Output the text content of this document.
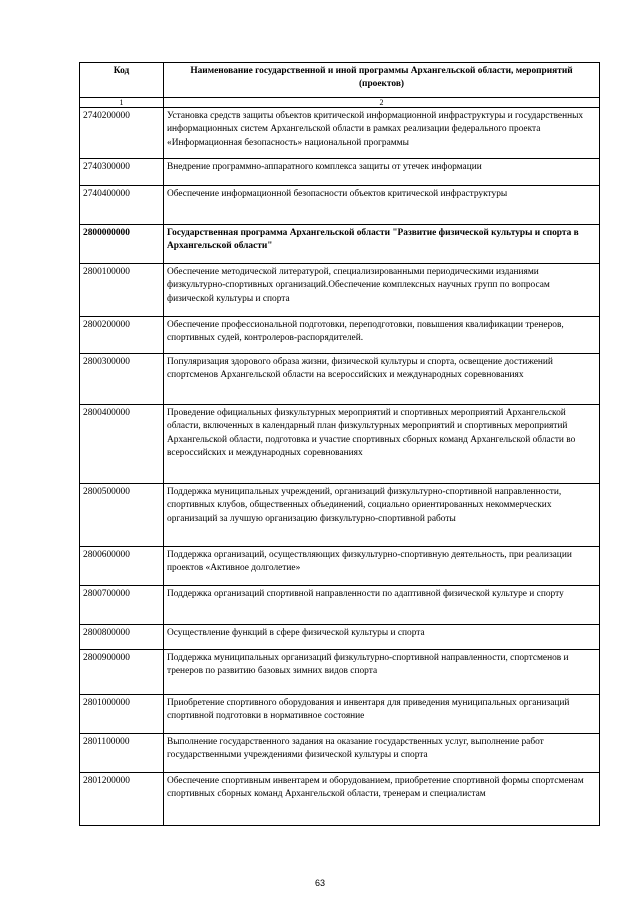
Код	Наименование государственной и иной программы Архангельской области, мероприятий (проектов)
1	2
2740200000	Установка средств защиты объектов критической информационной инфраструктуры и государственных информационных систем Архангельской области в рамках реализации федерального проекта «Информационная безопасность» национальной программы
2740300000	Внедрение программно-аппаратного комплекса защиты от утечек информации
2740400000	Обеспечение информационной безопасности объектов критической инфраструктуры
2800000000	Государственная программа Архангельской области "Развитие физической культуры и спорта в Архангельской области"
2800100000	Обеспечение методической литературой, специализированными периодическими изданиями физкультурно-спортивных организаций.Обеспечение комплексных научных групп по вопросам физической культуры и спорта
2800200000	Обеспечение профессиональной подготовки, переподготовки, повышения квалификации тренеров, спортивных судей, контролеров-распорядителей.
2800300000	Популяризация здорового образа жизни, физической культуры и спорта, освещение достижений спортсменов Архангельской области на всероссийских и международных соревнованиях
2800400000	Проведение официальных физкультурных мероприятий и спортивных мероприятий Архангельской области, включенных в календарный план физкультурных мероприятий и спортивных мероприятий Архангельской области, подготовка и участие спортивных сборных команд Архангельской области во всероссийских и международных соревнованиях
2800500000	Поддержка муниципальных учреждений, организаций физкультурно-спортивной направленности, спортивных клубов, общественных объединений, социально ориентированных некоммерческих организаций за лучшую организацию физкультурно-спортивной работы
2800600000	Поддержка организаций, осуществляющих физкультурно-спортивную деятельность, при реализации проектов «Активное долголетие»
2800700000	Поддержка организаций спортивной направленности по адаптивной физической культуре и спорту
2800800000	Осуществление функций в сфере физической культуры и спорта
2800900000	Поддержка муниципальных организаций физкультурно-спортивной направленности, спортсменов и тренеров по развитию базовых зимних видов спорта
2801000000	Приобретение спортивного оборудования и инвентаря для приведения муниципальных организаций спортивной подготовки в нормативное состояние
2801100000	Выполнение государственного задания на оказание государственных услуг, выполнение работ государственными учреждениями физической культуры и спорта
2801200000	Обеспечение спортивным инвентарем и оборудованием, приобретение спортивной формы спортсменам спортивных сборных команд Архангельской области, тренерам и специалистам
63
